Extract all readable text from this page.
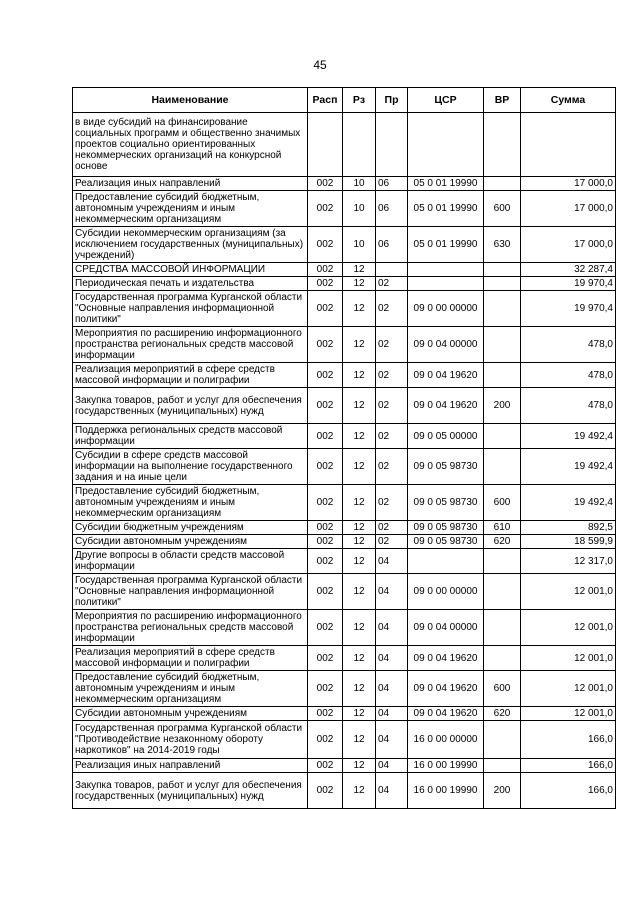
45
Наименование	Расп	Рз	Пр	ЦСР	ВР	Сумма
в виде субсидий на финансирование социальных программ и общественно значимых проектов социально ориентированных некоммерческих организаций на конкурсной основе						
Реализация иных направлений	002	10	06	05 0 01 19990		17 000,0
Предоставление субсидий бюджетным, автономным учреждениям и иным некоммерческим организациям	002	10	06	05 0 01 19990	600	17 000,0
Субсидии некоммерческим организациям (за исключением государственных (муниципальных) учреждений)	002	10	06	05 0 01 19990	630	17 000,0
СРЕДСТВА МАССОВОЙ ИНФОРМАЦИИ	002	12				32 287,4
Периодическая печать и издательства	002	12	02			19 970,4
Государственная программа Курганской области "Основные направления информационной политики"	002	12	02	09 0 00 00000		19 970,4
Мероприятия по расширению информационного пространства региональных средств массовой информации	002	12	02	09 0 04 00000		478,0
Реализация мероприятий в сфере средств массовой информации и полиграфии	002	12	02	09 0 04 19620		478,0
Закупка товаров, работ и услуг для обеспечения государственных (муниципальных) нужд	002	12	02	09 0 04 19620	200	478,0
Поддержка региональных средств массовой информации	002	12	02	09 0 05 00000		19 492,4
Субсидии в сфере средств массовой информации на выполнение государственного задания и на иные цели	002	12	02	09 0 05 98730		19 492,4
Предоставление субсидий бюджетным, автономным учреждениям и иным некоммерческим организациям	002	12	02	09 0 05 98730	600	19 492,4
Субсидии бюджетным учреждениям	002	12	02	09 0 05 98730	610	892,5
Субсидии автономным учреждениям	002	12	02	09 0 05 98730	620	18 599,9
Другие вопросы в области средств массовой информации	002	12	04			12 317,0
Государственная программа Курганской области "Основные направления информационной политики"	002	12	04	09 0 00 00000		12 001,0
Мероприятия по расширению информационного пространства региональных средств массовой информации	002	12	04	09 0 04 00000		12 001,0
Реализация мероприятий в сфере средств массовой информации и полиграфии	002	12	04	09 0 04 19620		12 001,0
Предоставление субсидий бюджетным, автономным учреждениям и иным некоммерческим организациям	002	12	04	09 0 04 19620	600	12 001,0
Субсидии автономным учреждениям	002	12	04	09 0 04 19620	620	12 001,0
Государственная программа Курганской области "Противодействие незаконному обороту наркотиков" на 2014-2019 годы	002	12	04	16 0 00 00000		166,0
Реализация иных направлений	002	12	04	16 0 00 19990		166,0
Закупка товаров, работ и услуг для обеспечения государственных (муниципальных) нужд	002	12	04	16 0 00 19990	200	166,0
